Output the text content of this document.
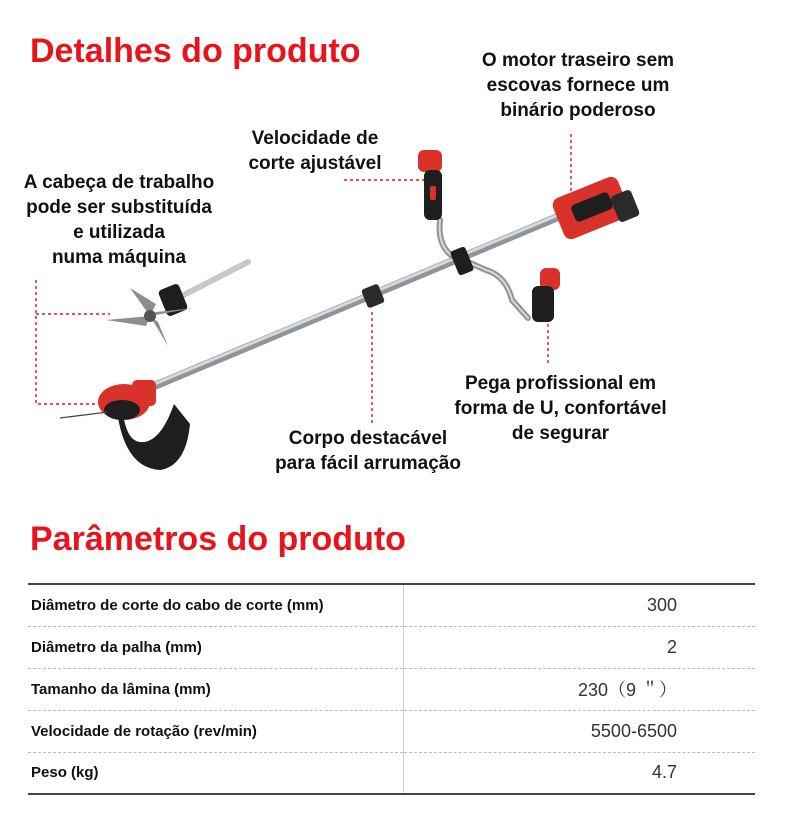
Detalhes do produto	O motor traseiro sem
escovas fornece um
binário poderoso
Velocidade de
corte ajustável
A cabeça de trabalho
pode ser substituída
e utilizada
numa máquina
Pega profissional em
forma de U, confortável
de segurar
Corpo destacável
para fácil arrumação
Parâmetros do produto
Diâmetro de corte do cabo de corte (mm)	300
Diâmetro da palha (mm)	2
Tamanho da lâmina (mm)	230（9 ＂）
Velocidade de rotação (rev/min)	5500-6500
Peso (kg)	4.7
